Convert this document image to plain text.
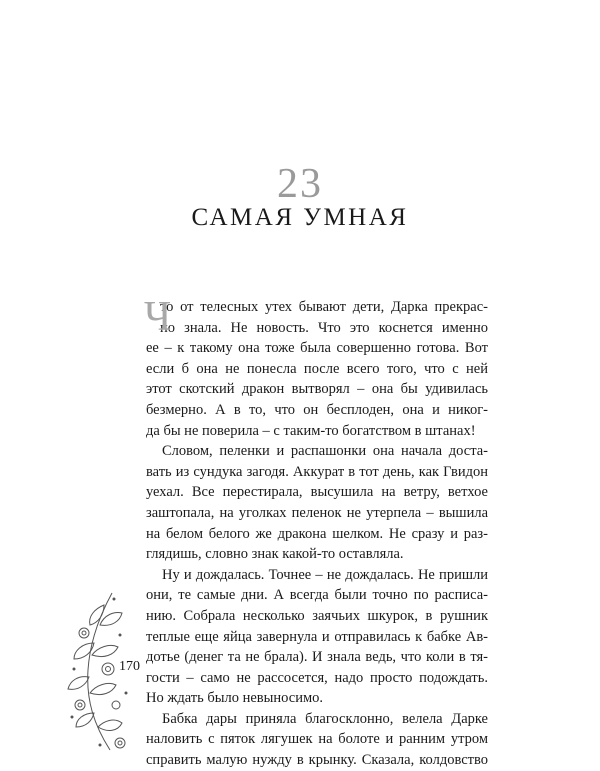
23
САМАЯ УМНАЯ
Ч
то от телесных утех бывают дети, Дарка прекрас-
но знала. Не новость. Что это коснется именно
ее – к такому она тоже была совершенно готова. Вот
если б она не понесла после всего того, что с ней
этот скотский дракон вытворял – она бы удивилась
безмерно. А в то, что он бесплоден, она и никог-
да бы не поверила – с таким-то богатством в штанах!
Словом, пеленки и распашонки она начала доста-
вать из сундука загодя. Аккурат в тот день, как Гвидон
уехал. Все перестирала, высушила на ветру, ветхое
заштопала, на уголках пеленок не утерпела – вышила
на белом белого же дракона шелком. Не сразу и раз-
глядишь, словно знак какой-то оставляла.
Ну и дождалась. Точнее – не дождалась. Не пришли
они, те самые дни. А всегда были точно по расписа-
нию. Собрала несколько заячьих шкурок, в рушник
теплые еще яйца завернула и отправилась к бабке Ав-
дотье (денег та не брала). И знала ведь, что коли в тя-
гости – само не рассосется, надо просто подождать.
Но ждать было невыносимо.
Бабка дары приняла благосклонно, велела Дарке
наловить с пяток лягушек на болоте и ранним утром
справить малую нужду в крынку. Сказала, колдовство
170
